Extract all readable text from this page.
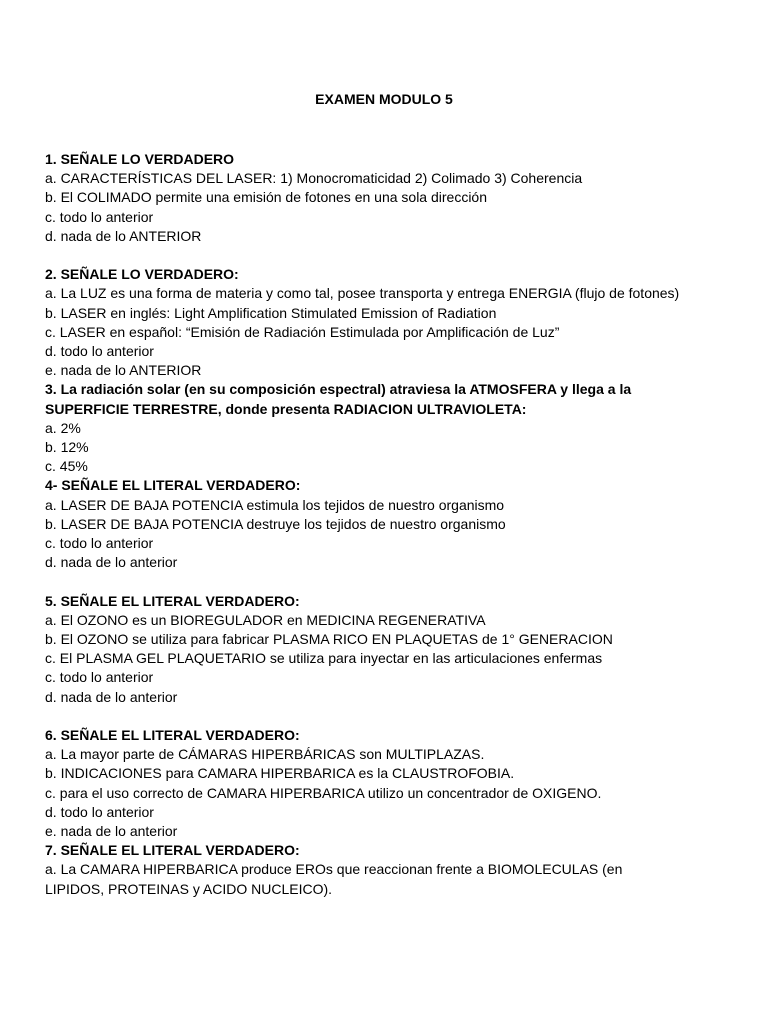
EXAMEN MODULO 5

1. SEÑALE LO VERDADERO

a. CARACTERÍSTICAS DEL LASER: 1) Monocromaticidad 2) Colimado 3) Coherencia

b. El COLIMADO permite una emisión de fotones en una sola dirección

c. todo lo anterior

d. nada de lo ANTERIOR

2. SEÑALE LO VERDADERO:

a. La LUZ es una forma de materia y como tal, posee transporta y entrega ENERGIA (flujo de fotones)

b. LASER en inglés: Light Amplification Stimulated Emission of Radiation

c. LASER en español: “Emisión de Radiación Estimulada por Amplificación de Luz”

d. todo lo anterior

e. nada de lo ANTERIOR

3. La radiación solar (en su composición espectral) atraviesa la ATMOSFERA y llega a la SUPERFICIE TERRESTRE, donde presenta RADIACION ULTRAVIOLETA:

a. 2%

b. 12%

c. 45%

4- SEÑALE EL LITERAL VERDADERO:

a. LASER DE BAJA POTENCIA estimula los tejidos de nuestro organismo

b. LASER DE BAJA POTENCIA destruye los tejidos de nuestro organismo

c. todo lo anterior

d. nada de lo anterior

5. SEÑALE EL LITERAL VERDADERO:

a. El OZONO es un BIOREGULADOR en MEDICINA REGENERATIVA

b. El OZONO se utiliza para fabricar PLASMA RICO EN PLAQUETAS de 1° GENERACION

c. El PLASMA GEL PLAQUETARIO se utiliza para inyectar en las articulaciones enfermas

c. todo lo anterior

d. nada de lo anterior

6. SEÑALE EL LITERAL VERDADERO:

a. La mayor parte de CÁMARAS HIPERBÁRICAS son MULTIPLAZAS.

b. INDICACIONES para CAMARA HIPERBARICA es la CLAUSTROFOBIA.

c. para el uso correcto de CAMARA HIPERBARICA utilizo un concentrador de OXIGENO.

d. todo lo anterior

e. nada de lo anterior

7. SEÑALE EL LITERAL VERDADERO:

a. La CAMARA HIPERBARICA produce EROs que reaccionan frente a BIOMOLECULAS (en LIPIDOS, PROTEINAS y ACIDO NUCLEICO).
